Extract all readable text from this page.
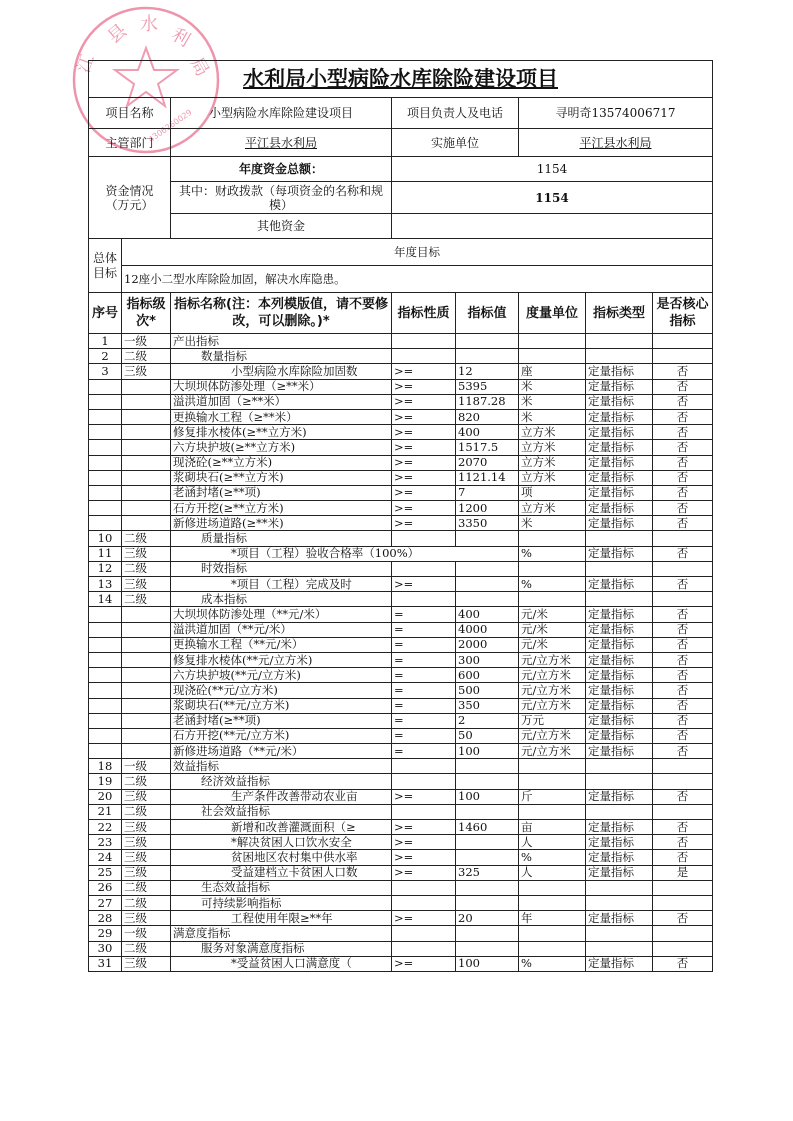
县 水 利
局
江
4306260029
水利局小型病险水库除险建设项目			
项目名称	小型病险水库除险建设项目	项目负责人及电话	寻明奇13574006717
主管部门	平江县水利局	实施单位	平江县水利局

资金情况
（万元）	年度资金总额：	1154	
	其中：财政拨款（每项资金的名称和规模）	1154	
	其他资金		
总体目标	年度目标
12座小二型水库除险加固，解决水库隐患。
序号	指标级次*	指标名称(注：本列模版值，请不要修改，可以删除。)*	指标性质	指标值	度量单位	指标类型	是否核心指标
1	一级	产出指标					
2	二级	数量指标					
3	三级	小型病险水库除险加固数	>=	12	座	定量指标	否
		大坝坝体防渗处理（≥**米）	>=	5395	米	定量指标	否
		溢洪道加固（≥**米）	>=	1187.28	米	定量指标	否
		更换输水工程（≥**米）	>=	820	米	定量指标	否
		修复排水棱体(≥**立方米)	>=	400	立方米	定量指标	否
		六方块护坡(≥**立方米)	>=	1517.5	立方米	定量指标	否
		现浇砼(≥**立方米)	>=	2070	立方米	定量指标	否
		浆砌块石(≥**立方米)	>=	1121.14	立方米	定量指标	否
		老涵封堵(≥**项)	>=	7	项	定量指标	否
		石方开挖(≥**立方米)	>=	1200	立方米	定量指标	否
		新修进场道路(≥**米)	>=	3350	米	定量指标	否
10	二级	质量指标					
11	三级	*项目（工程）验收合格率（100%）			%	定量指标	否
12	二级	时效指标					
13	三级	*项目（工程）完成及时	>=		%	定量指标	否
14	二级	成本指标					
		大坝坝体防渗处理（**元/米）	=	400	元/米	定量指标	否
		溢洪道加固（**元/米）	=	4000	元/米	定量指标	否
		更换输水工程（**元/米）	=	2000	元/米	定量指标	否
		修复排水棱体(**元/立方米)	=	300	元/立方米	定量指标	否
		六方块护坡(**元/立方米)	=	600	元/立方米	定量指标	否
		现浇砼(**元/立方米)	=	500	元/立方米	定量指标	否
		浆砌块石(**元/立方米)	=	350	元/立方米	定量指标	否
		老涵封堵(≥**项)	=	2	万元	定量指标	否
		石方开挖(**元/立方米)	=	50	元/立方米	定量指标	否
		新修进场道路（**元/米）	=	100	元/立方米	定量指标	否
18	一级	效益指标					
19	二级	经济效益指标					
20	三级	生产条件改善带动农业亩	>=	100	斤	定量指标	否
21	二级	社会效益指标					
22	三级	新增和改善灌溉面积（≥	>=	1460	亩	定量指标	否
23	三级	*解决贫困人口饮水安全	>=		人	定量指标	否
24	三级	贫困地区农村集中供水率	>=		%	定量指标	否
25	三级	受益建档立卡贫困人口数	>=	325	人	定量指标	是
26	二级	生态效益指标					
27	二级	可持续影响指标					
28	三级	工程使用年限≥**年	>=	20	年	定量指标	否
29	一级	满意度指标					
30	二级	服务对象满意度指标					
31	三级	*受益贫困人口满意度（	>=	100	%	定量指标	否
